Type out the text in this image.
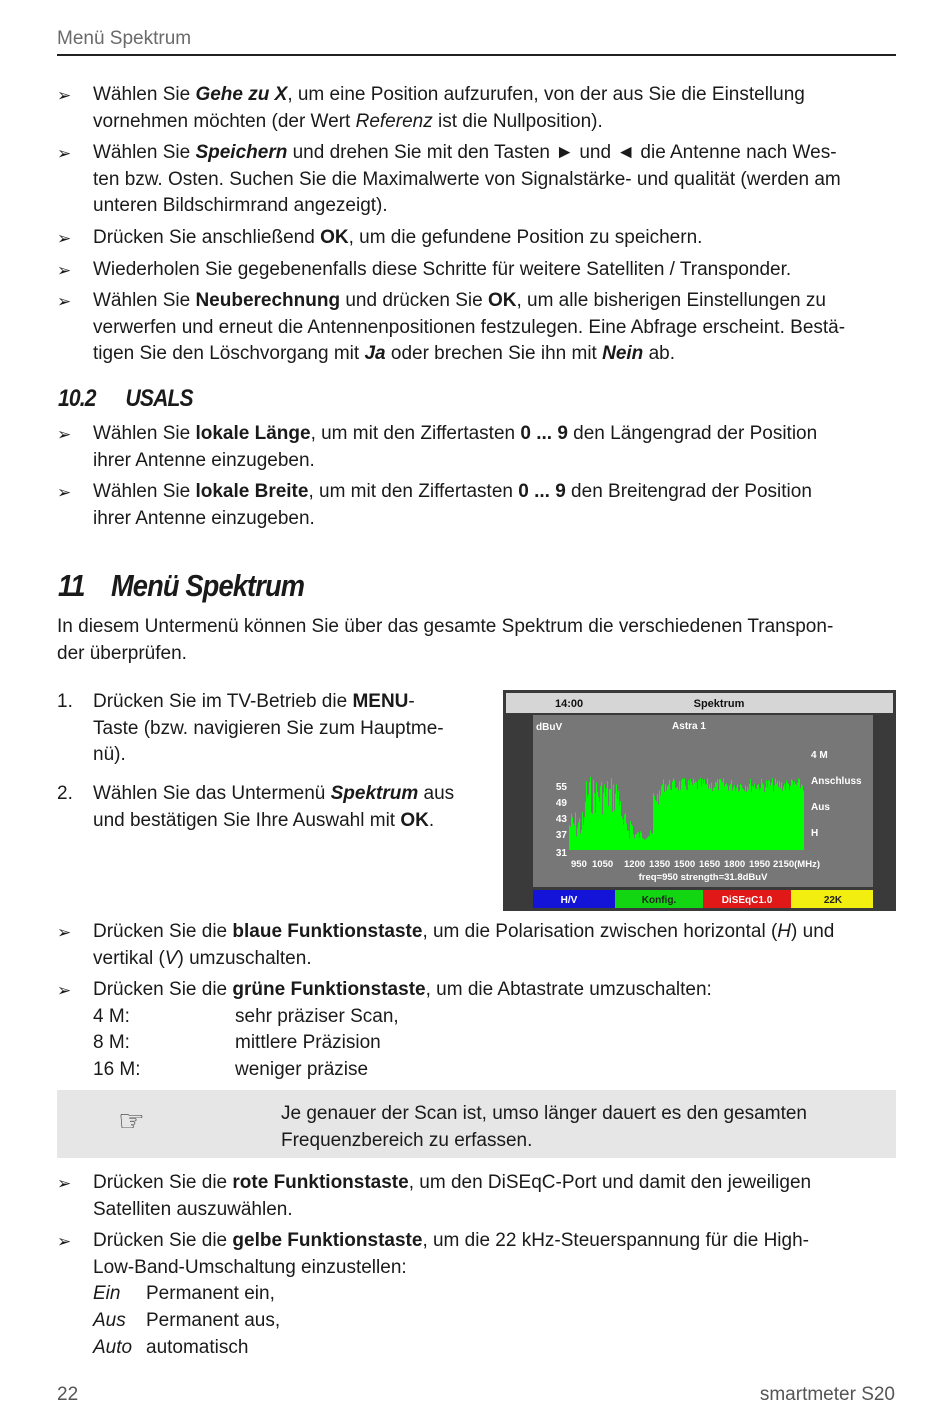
Menü Spektrum
➢ Wählen Sie Gehe zu X, um eine Position aufzurufen, von der aus Sie die Einstellung
vornehmen möchten (der Wert Referenz ist die Nullposition).
➢ Wählen Sie Speichern und drehen Sie mit den Tasten ► und ◄ die Antenne nach Wes-
ten bzw. Osten. Suchen Sie die Maximalwerte von Signalstärke- und qualität (werden am
unteren Bildschirmrand angezeigt).
➢ Drücken Sie anschließend OK, um die gefundene Position zu speichern.
➢ Wiederholen Sie gegebenenfalls diese Schritte für weitere Satelliten / Transponder.
➢ Wählen Sie Neuberechnung und drücken Sie OK, um alle bisherigen Einstellungen zu
verwerfen und erneut die Antennenpositionen festzulegen. Eine Abfrage erscheint. Bestä-
tigen Sie den Löschvorgang mit Ja oder brechen Sie ihn mit Nein ab.
10.2 USALS
➢ Wählen Sie lokale Länge, um mit den Ziffertasten 0 ... 9 den Längengrad der Position
ihrer Antenne einzugeben.
➢ Wählen Sie lokale Breite, um mit den Ziffertasten 0 ... 9 den Breitengrad der Position
ihrer Antenne einzugeben.
11 Menü Spektrum
In diesem Untermenü können Sie über das gesamte Spektrum die verschiedenen Transpon-
der überprüfen.
1. Drücken Sie im TV-Betrieb die MENU-
Taste (bzw. navigieren Sie zum Hauptme-
nü).
2. Wählen Sie das Untermenü Spektrum aus
und bestätigen Sie Ihre Auswahl mit OK.
14:00	Spektrum
dBuV	Astra 1
4 M
Anschluss
Aus
H
55
49
43
37
31
950 1050 1200 1350 1500 1650 1800 1950 2150(MHz)
freq=950 strength=31.8dBuV
H/V	Konfig.	DiSEqC1.0	22K
➢ Drücken Sie die blaue Funktionstaste, um die Polarisation zwischen horizontal (H) und
vertikal (V) umzuschalten.
➢ Drücken Sie die grüne Funktionstaste, um die Abtastrate umzuschalten:
4 M:	sehr präziser Scan,
8 M:	mittlere Präzision
16 M:	weniger präzise
☞	Je genauer der Scan ist, umso länger dauert es den gesamten
Frequenzbereich zu erfassen.
➢ Drücken Sie die rote Funktionstaste, um den DiSEqC-Port und damit den jeweiligen
Satelliten auszuwählen.
➢ Drücken Sie die gelbe Funktionstaste, um die 22 kHz-Steuerspannung für die High-
Low-Band-Umschaltung einzustellen:
Ein Permanent ein,
Aus Permanent aus,
Auto automatisch
22	smartmeter S20
